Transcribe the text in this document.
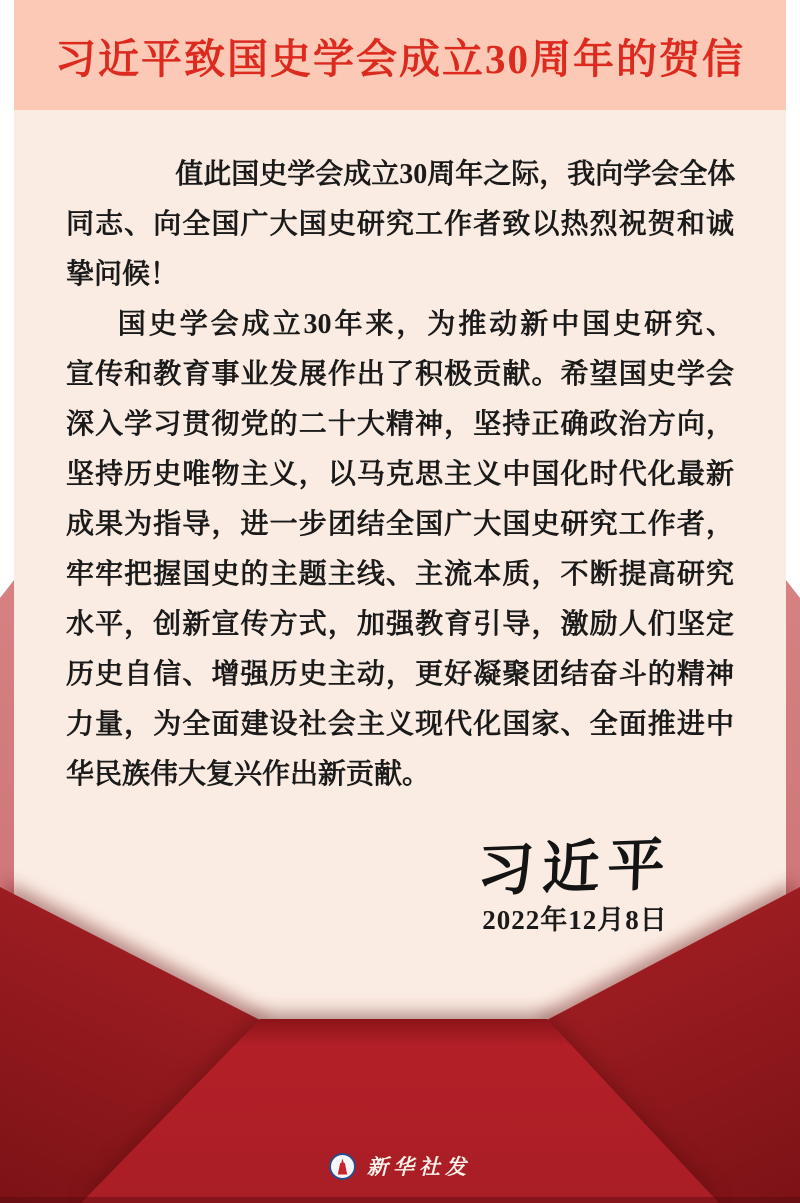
习近平致国史学会成立30周年的贺信
值此国史学会成立30周年之际，我向学会全体
同志、向全国广大国史研究工作者致以热烈祝贺和诚
挚问候！
国史学会成立30年来，为推动新中国史研究、
宣传和教育事业发展作出了积极贡献。希望国史学会
深入学习贯彻党的二十大精神，坚持正确政治方向，
坚持历史唯物主义，以马克思主义中国化时代化最新
成果为指导，进一步团结全国广大国史研究工作者，
牢牢把握国史的主题主线、主流本质，不断提高研究
水平，创新宣传方式，加强教育引导，激励人们坚定
历史自信、增强历史主动，更好凝聚团结奋斗的精神
力量，为全面建设社会主义现代化国家、全面推进中
华民族伟大复兴作出新贡献。
习近平
2022年12月8日
新华社发
